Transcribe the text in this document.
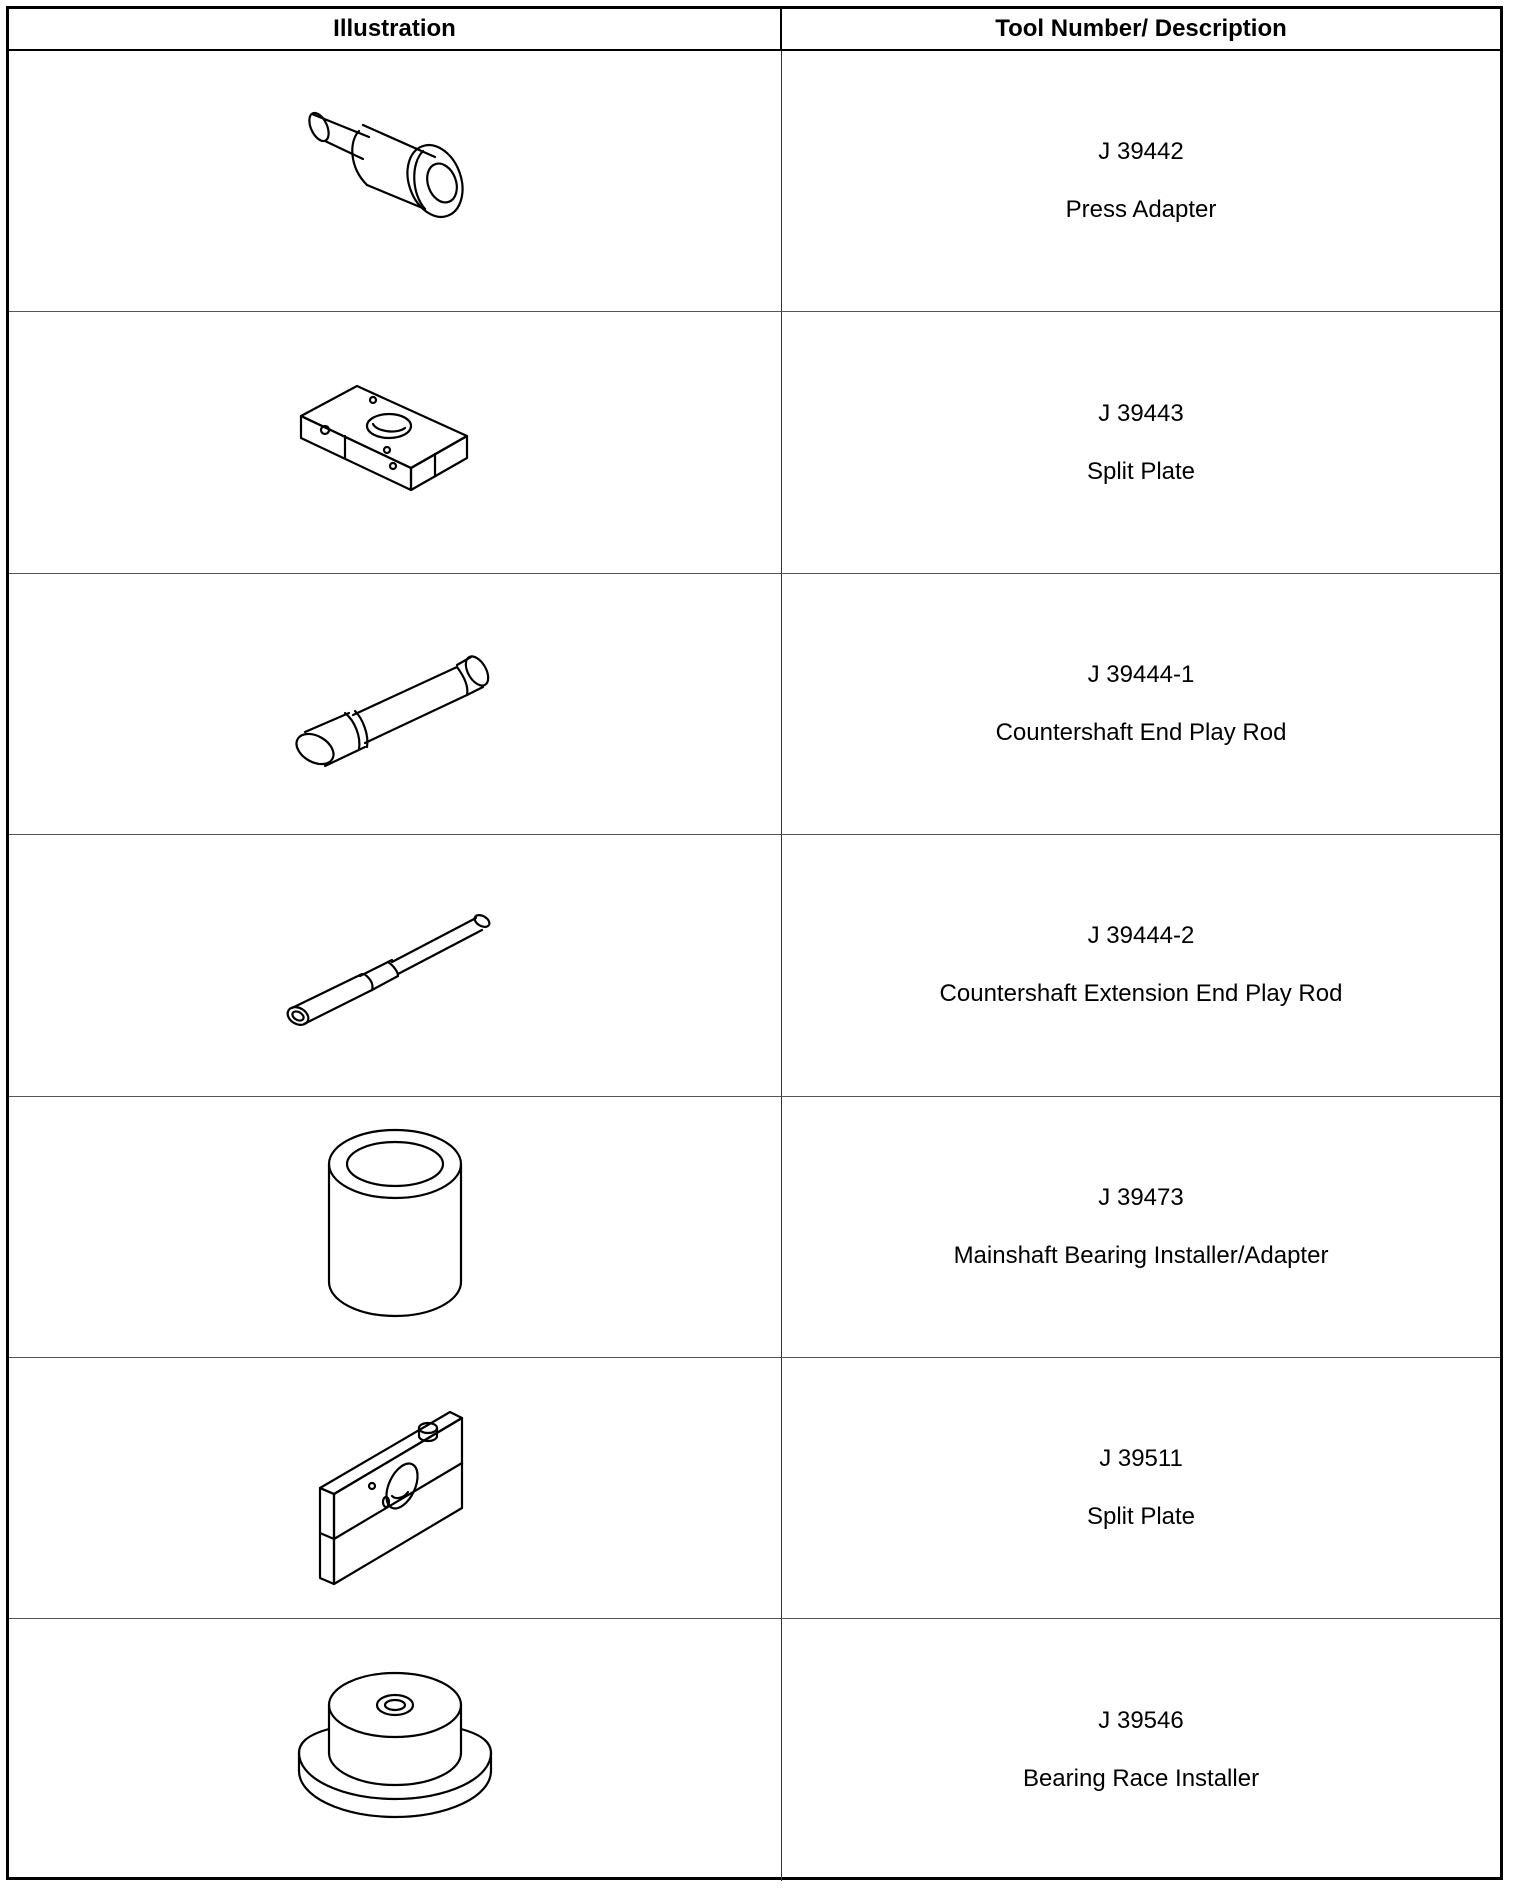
Illustration	Tool Number/ Description
J 39442
Press Adapter
J 39443
Split Plate
J 39444-1
Countershaft End Play Rod
J 39444-2
Countershaft Extension End Play Rod
J 39473
Mainshaft Bearing Installer/Adapter
J 39511
Split Plate
J 39546
Bearing Race Installer
